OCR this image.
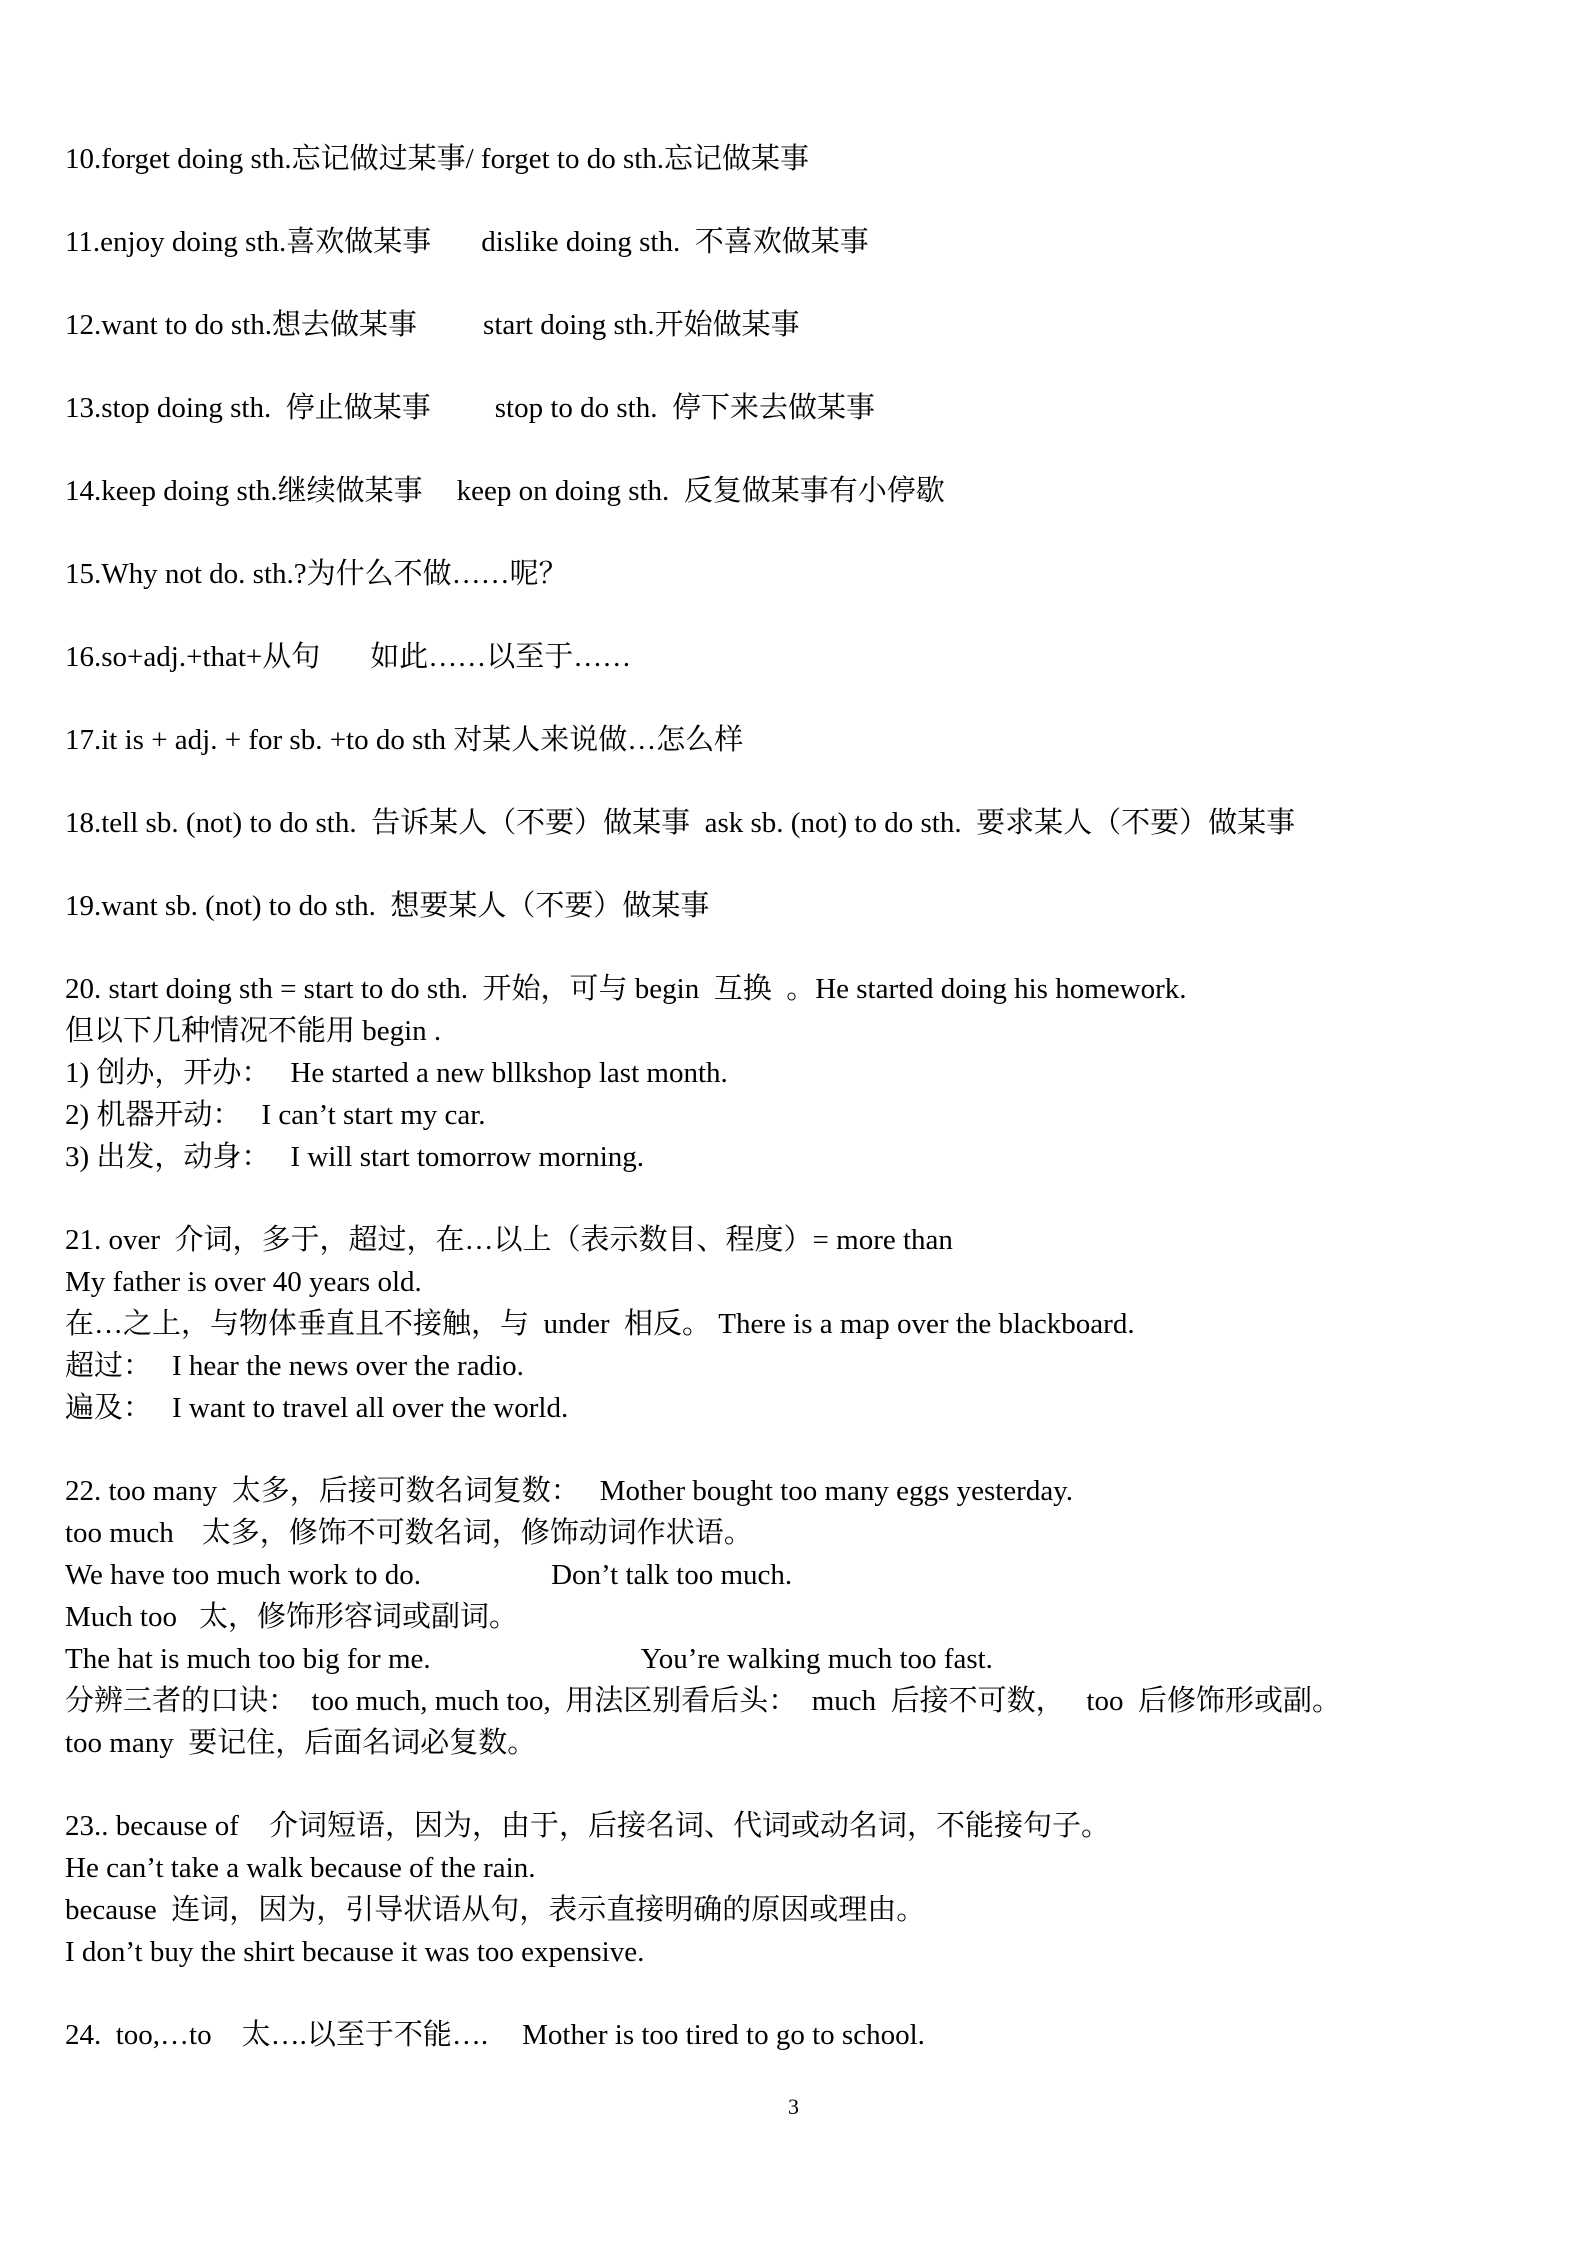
10.forget doing sth.忘记做过某事/ forget to do sth.忘记做某事
11.enjoy doing sth.喜欢做某事 dislike doing sth.  不喜欢做某事
12.want to do sth.想去做某事 start doing sth.开始做某事
13.stop doing sth.  停止做某事 stop to do sth.  停下来去做某事
14.keep doing sth.继续做某事 keep on doing sth.  反复做某事有小停歇
15.Why not do. sth.?为什么不做……呢？
16.so+adj.+that+从句 如此……以至于……
17.it is + adj. + for sb. +to do sth 对某人来说做…怎么样
18.tell sb. (not) to do sth.  告诉某人（不要）做某事  ask sb. (not) to do sth.  要求某人（不要）做某事
19.want sb. (not) to do sth.  想要某人（不要）做某事
20. start doing sth = start to do sth.  开始，可与 begin  互换  。He started doing his homework.
但以下几种情况不能用 begin .
1) 创办，开办： He started a new bllkshop last month.
2) 机器开动： I can’t start my car.
3) 出发，动身： I will start tomorrow morning.
21. over  介词，多于，超过，在…以上（表示数目、程度）= more than
My father is over 40 years old.
在…之上，与物体垂直且不接触，与  under  相反。 There is a map over the blackboard.
超过： I hear the news over the radio.
遍及： I want to travel all over the world.
22. too many  太多，后接可数名词复数： Mother bought too many eggs yesterday.
too much 太多，修饰不可数名词，修饰动词作状语。
We have too much work to do.	Don’t talk too much.
Much too 太，修饰形容词或副词。
The hat is much too big for me.	You’re walking much too fast.
分辨三者的口诀：  too much, much too,  用法区别看后头：  much  后接不可数，   too  后修饰形或副。
too many  要记住，后面名词必复数。
23.. because of 介词短语，因为，由于，后接名词、代词或动名词，不能接句子。
He can’t take a walk because of the rain.
because  连词，因为，引导状语从句，表示直接明确的原因或理由。
I don’t buy the shirt because it was too expensive.
24.  too,…to 太….以至于不能…. Mother is too tired to go to school.
3
